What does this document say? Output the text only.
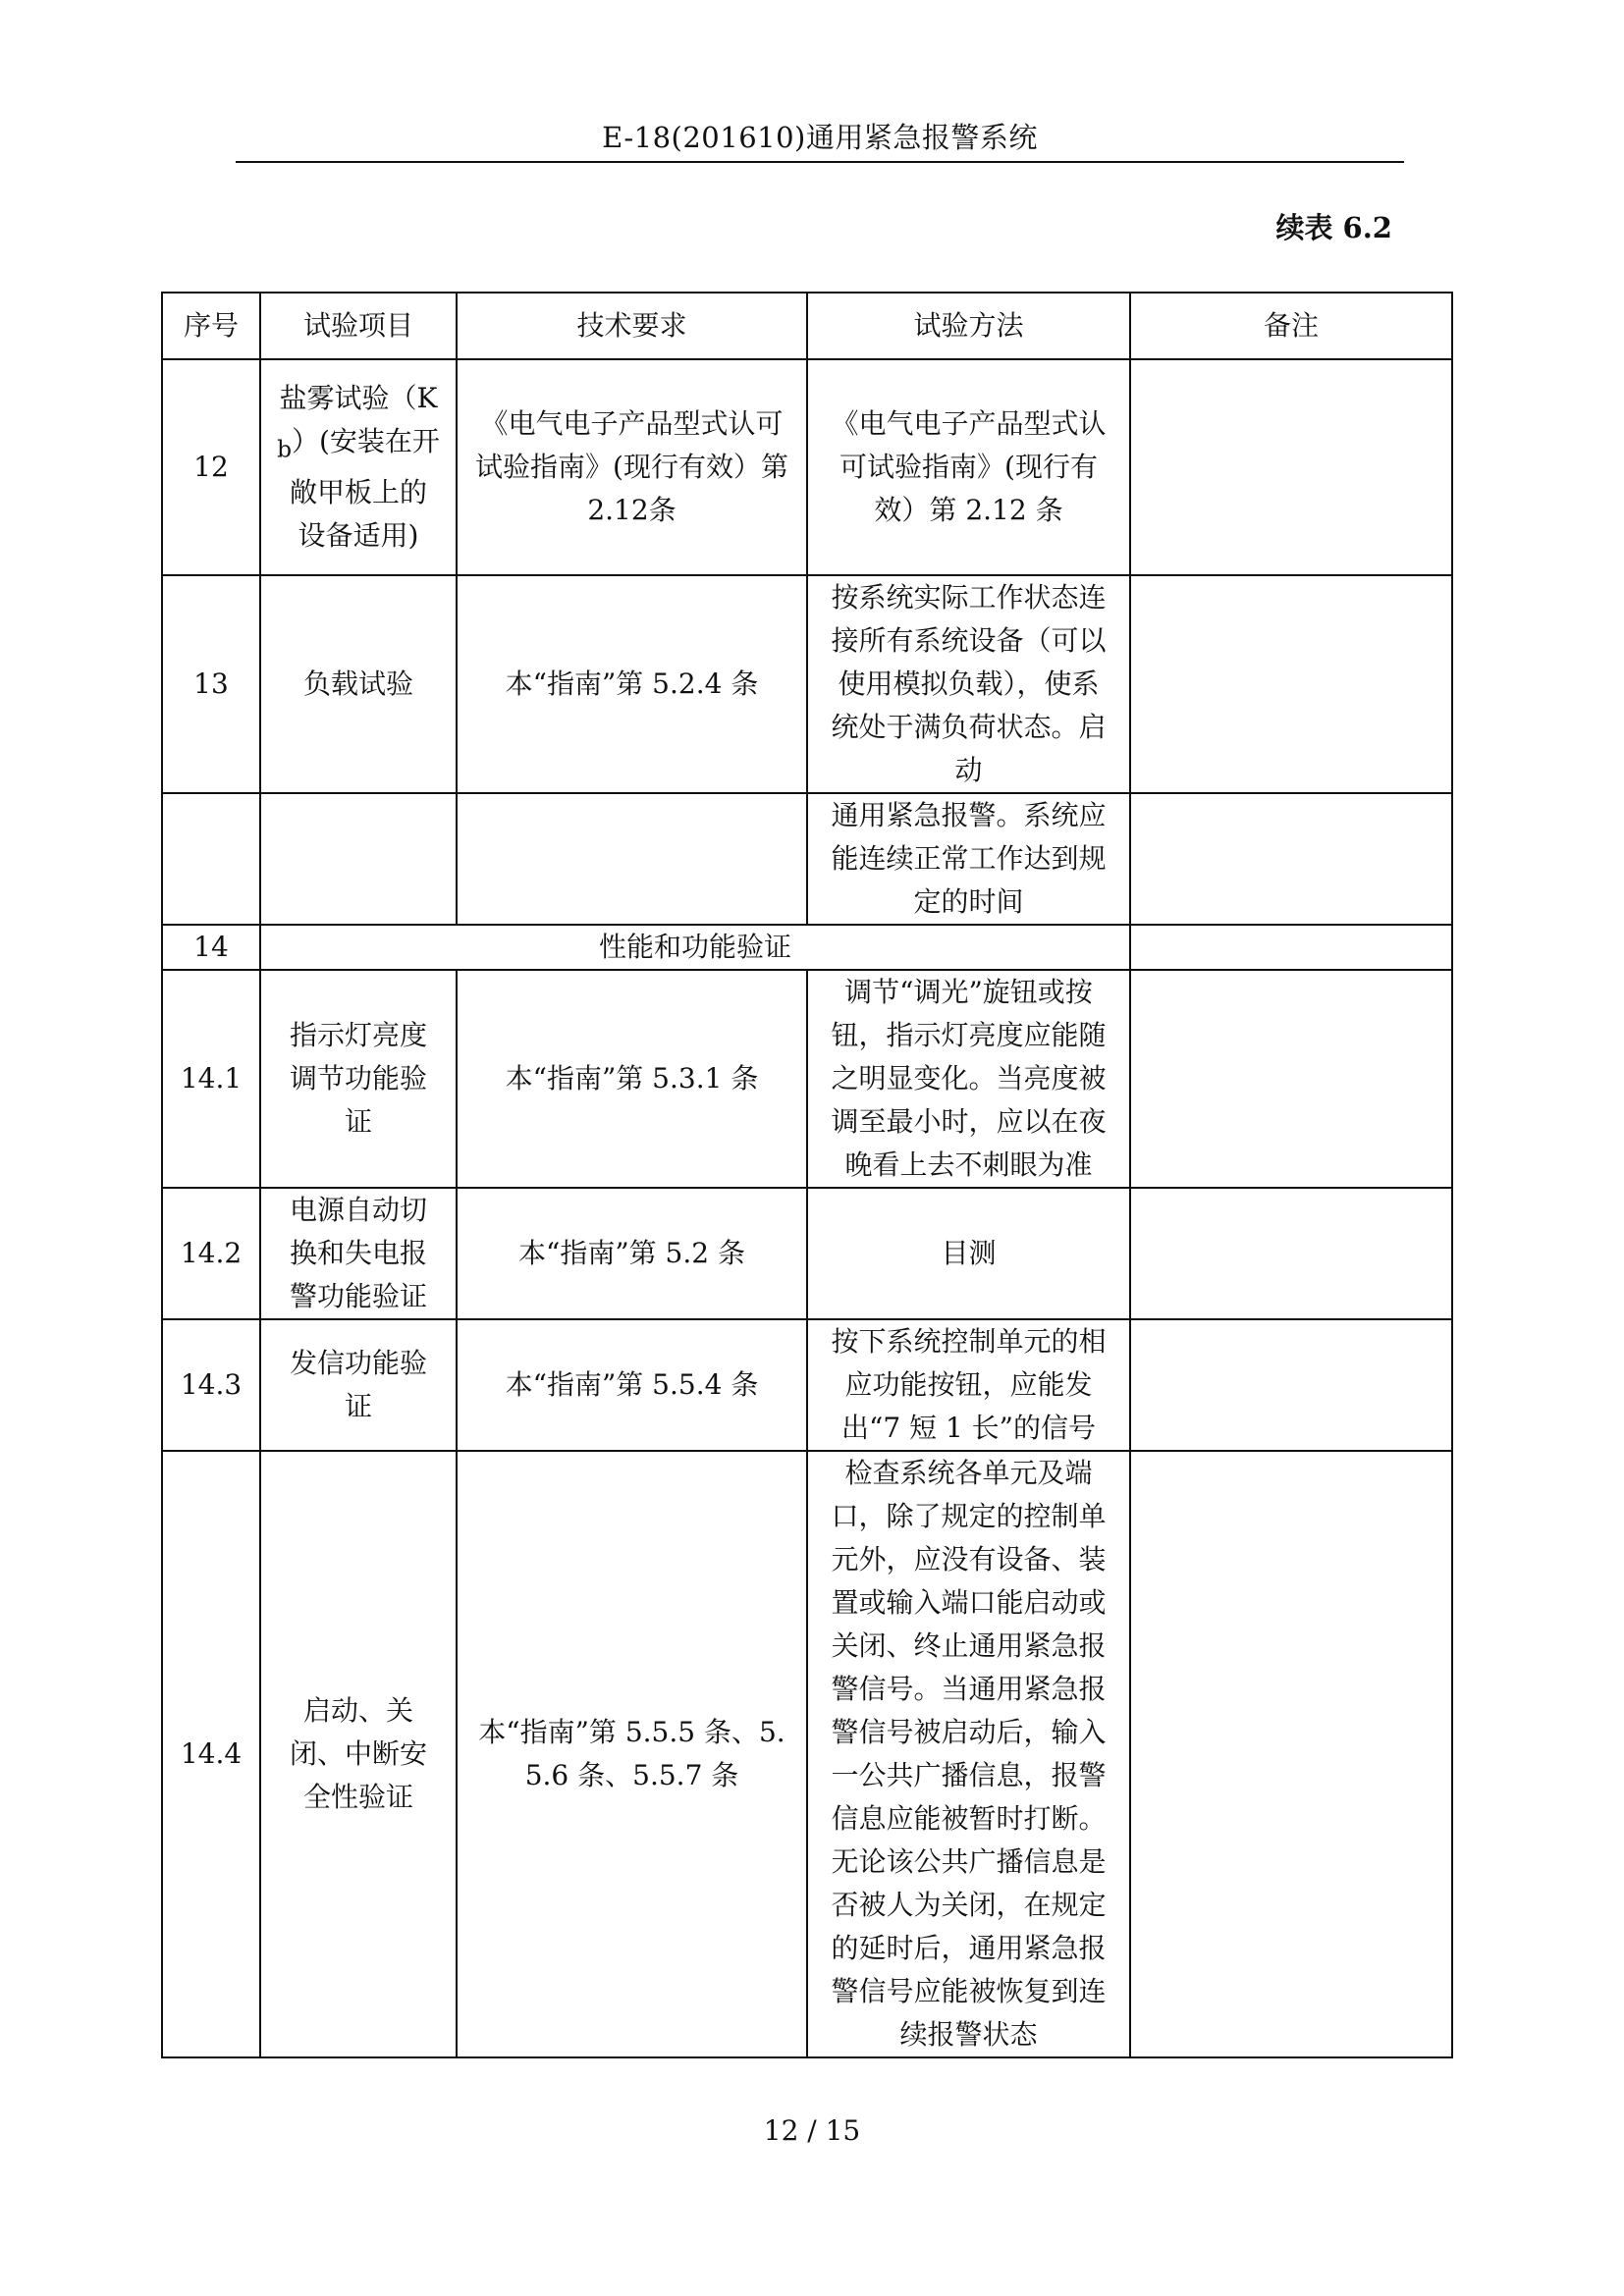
E-18(201610)通用紧急报警系统
续表 6.2
序号	试验项目	技术要求	试验方法	备注
12	盐雾试验$(K_b)$(安装在开敞甲板上的设备适用)	《电气电子产品型式认可试验指南》(现行有效）第2.12条	《电气电子产品型式认可试验指南》(现行有效）第 2.12 条	
13	负载试验	本“指南”第 5.2.4 条	按系统实际工作状态连接所有系统设备（可以使用模拟负载），使系统处于满负荷状态。启动	
			通用紧急报警。系统应能连续正常工作达到规定的时间	
14	性能和功能验证			
14.1	指示灯亮度调节功能验证	本“指南”第 5.3.1 条	调节“调光”旋钮或按钮，指示灯亮度应能随之明显变化。当亮度被调至最小时，应以在夜晚看上去不刺眼为准	
14.2	电源自动切换和失电报警功能验证	本“指南”第 5.2 条	目测	
14.3	发信功能验证	本“指南”第 5.5.4 条	按下系统控制单元的相应功能按钮，应能发出“7 短 1 长”的信号	
14.4	启动、关闭、中断安全性验证	本“指南”第 5.5.5 条、5.5.6 条、5.5.7 条	检查系统各单元及端口，除了规定的控制单元外，应没有设备、装置或输入端口能启动或关闭、终止通用紧急报警信号。当通用紧急报警信号被启动后，输入一公共广播信息，报警信息应能被暂时打断。无论该公共广播信息是否被人为关闭，在规定的延时后，通用紧急报警信号应能被恢复到连续报警状态	
12 / 15
